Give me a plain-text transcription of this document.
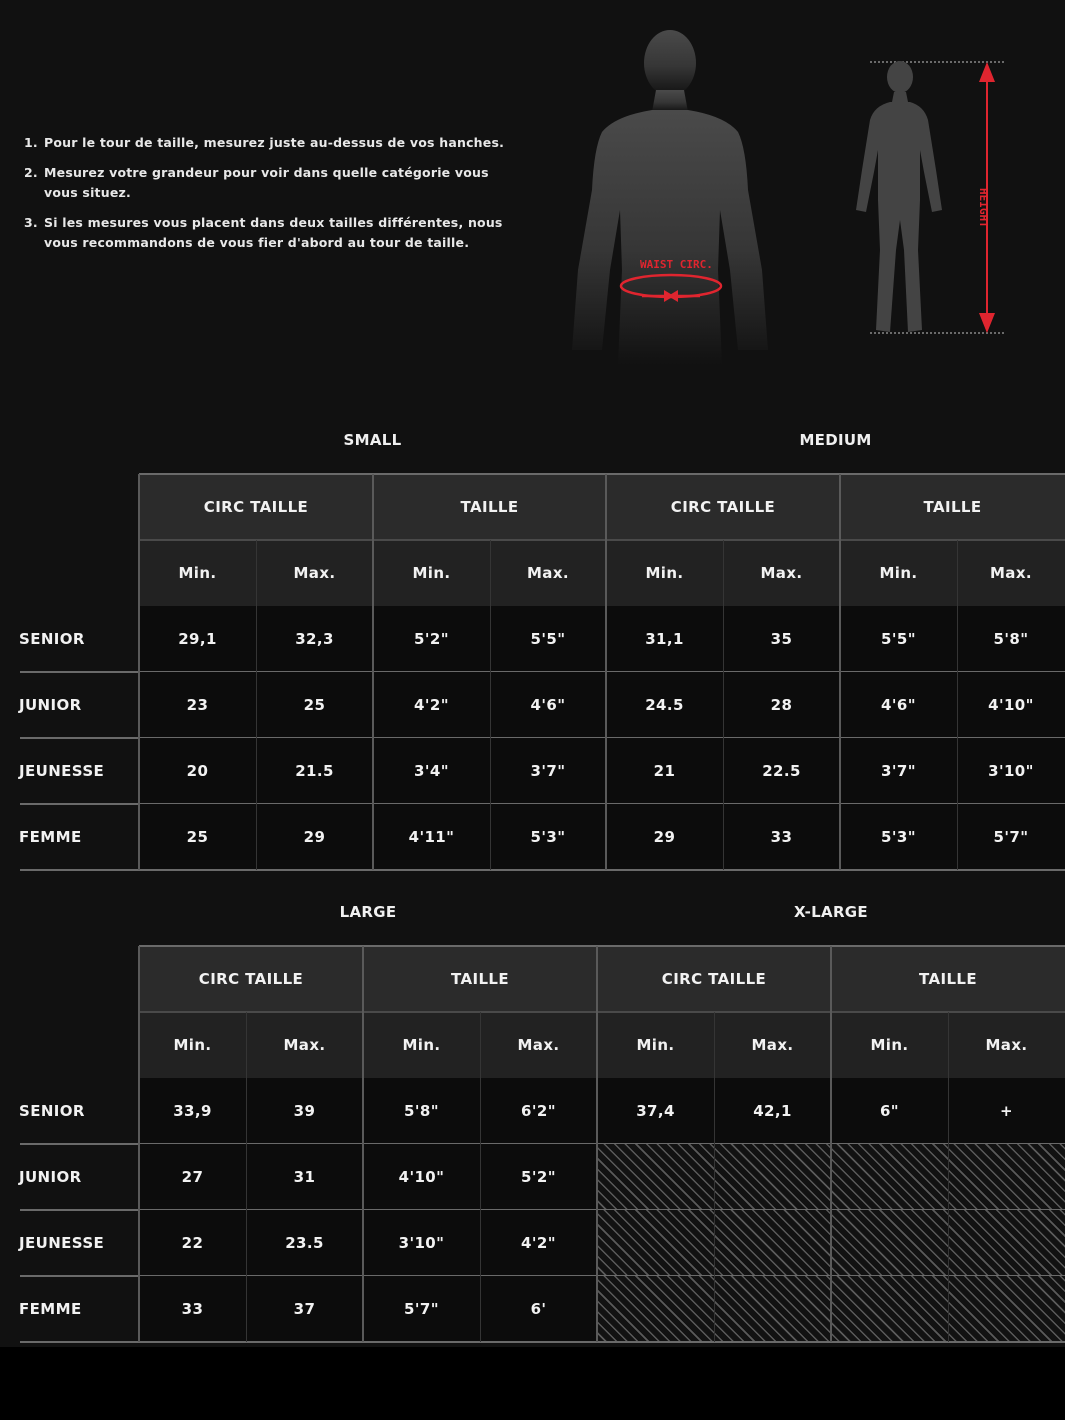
1. Pour le tour de taille, mesurez juste au-dessus de vos hanches.
2. Mesurez votre grandeur pour voir dans quelle catégorie vous vous situez.
3. Si les mesures vous placent dans deux tailles différentes, nous vous recommandons de vous fier d'abord au tour de taille.
WAIST CIRC.
HEIGHT
SMALL	MEDIUM
CIRC TAILLE	TAILLE	CIRC TAILLE	TAILLE
Min.	Max.	Min.	Max.	Min.	Max.	Min.	Max.
SENIOR	29,1	32,3	5'2"	5'5"	31,1	35	5'5"	5'8"
JUNIOR	23	25	4'2"	4'6"	24.5	28	4'6"	4'10"
JEUNESSE	20	21.5	3'4"	3'7"	21	22.5	3'7"	3'10"
FEMME	25	29	4'11"	5'3"	29	33	5'3"	5'7"
LARGE	X-LARGE
CIRC TAILLE	TAILLE	CIRC TAILLE	TAILLE
Min.	Max.	Min.	Max.	Min.	Max.	Min.	Max.
SENIOR	33,9	39	5'8"	6'2"	37,4	42,1	6"	+
JUNIOR	27	31	4'10"	5'2"
JEUNESSE	22	23.5	3'10"	4'2"
FEMME	33	37	5'7"	6'
